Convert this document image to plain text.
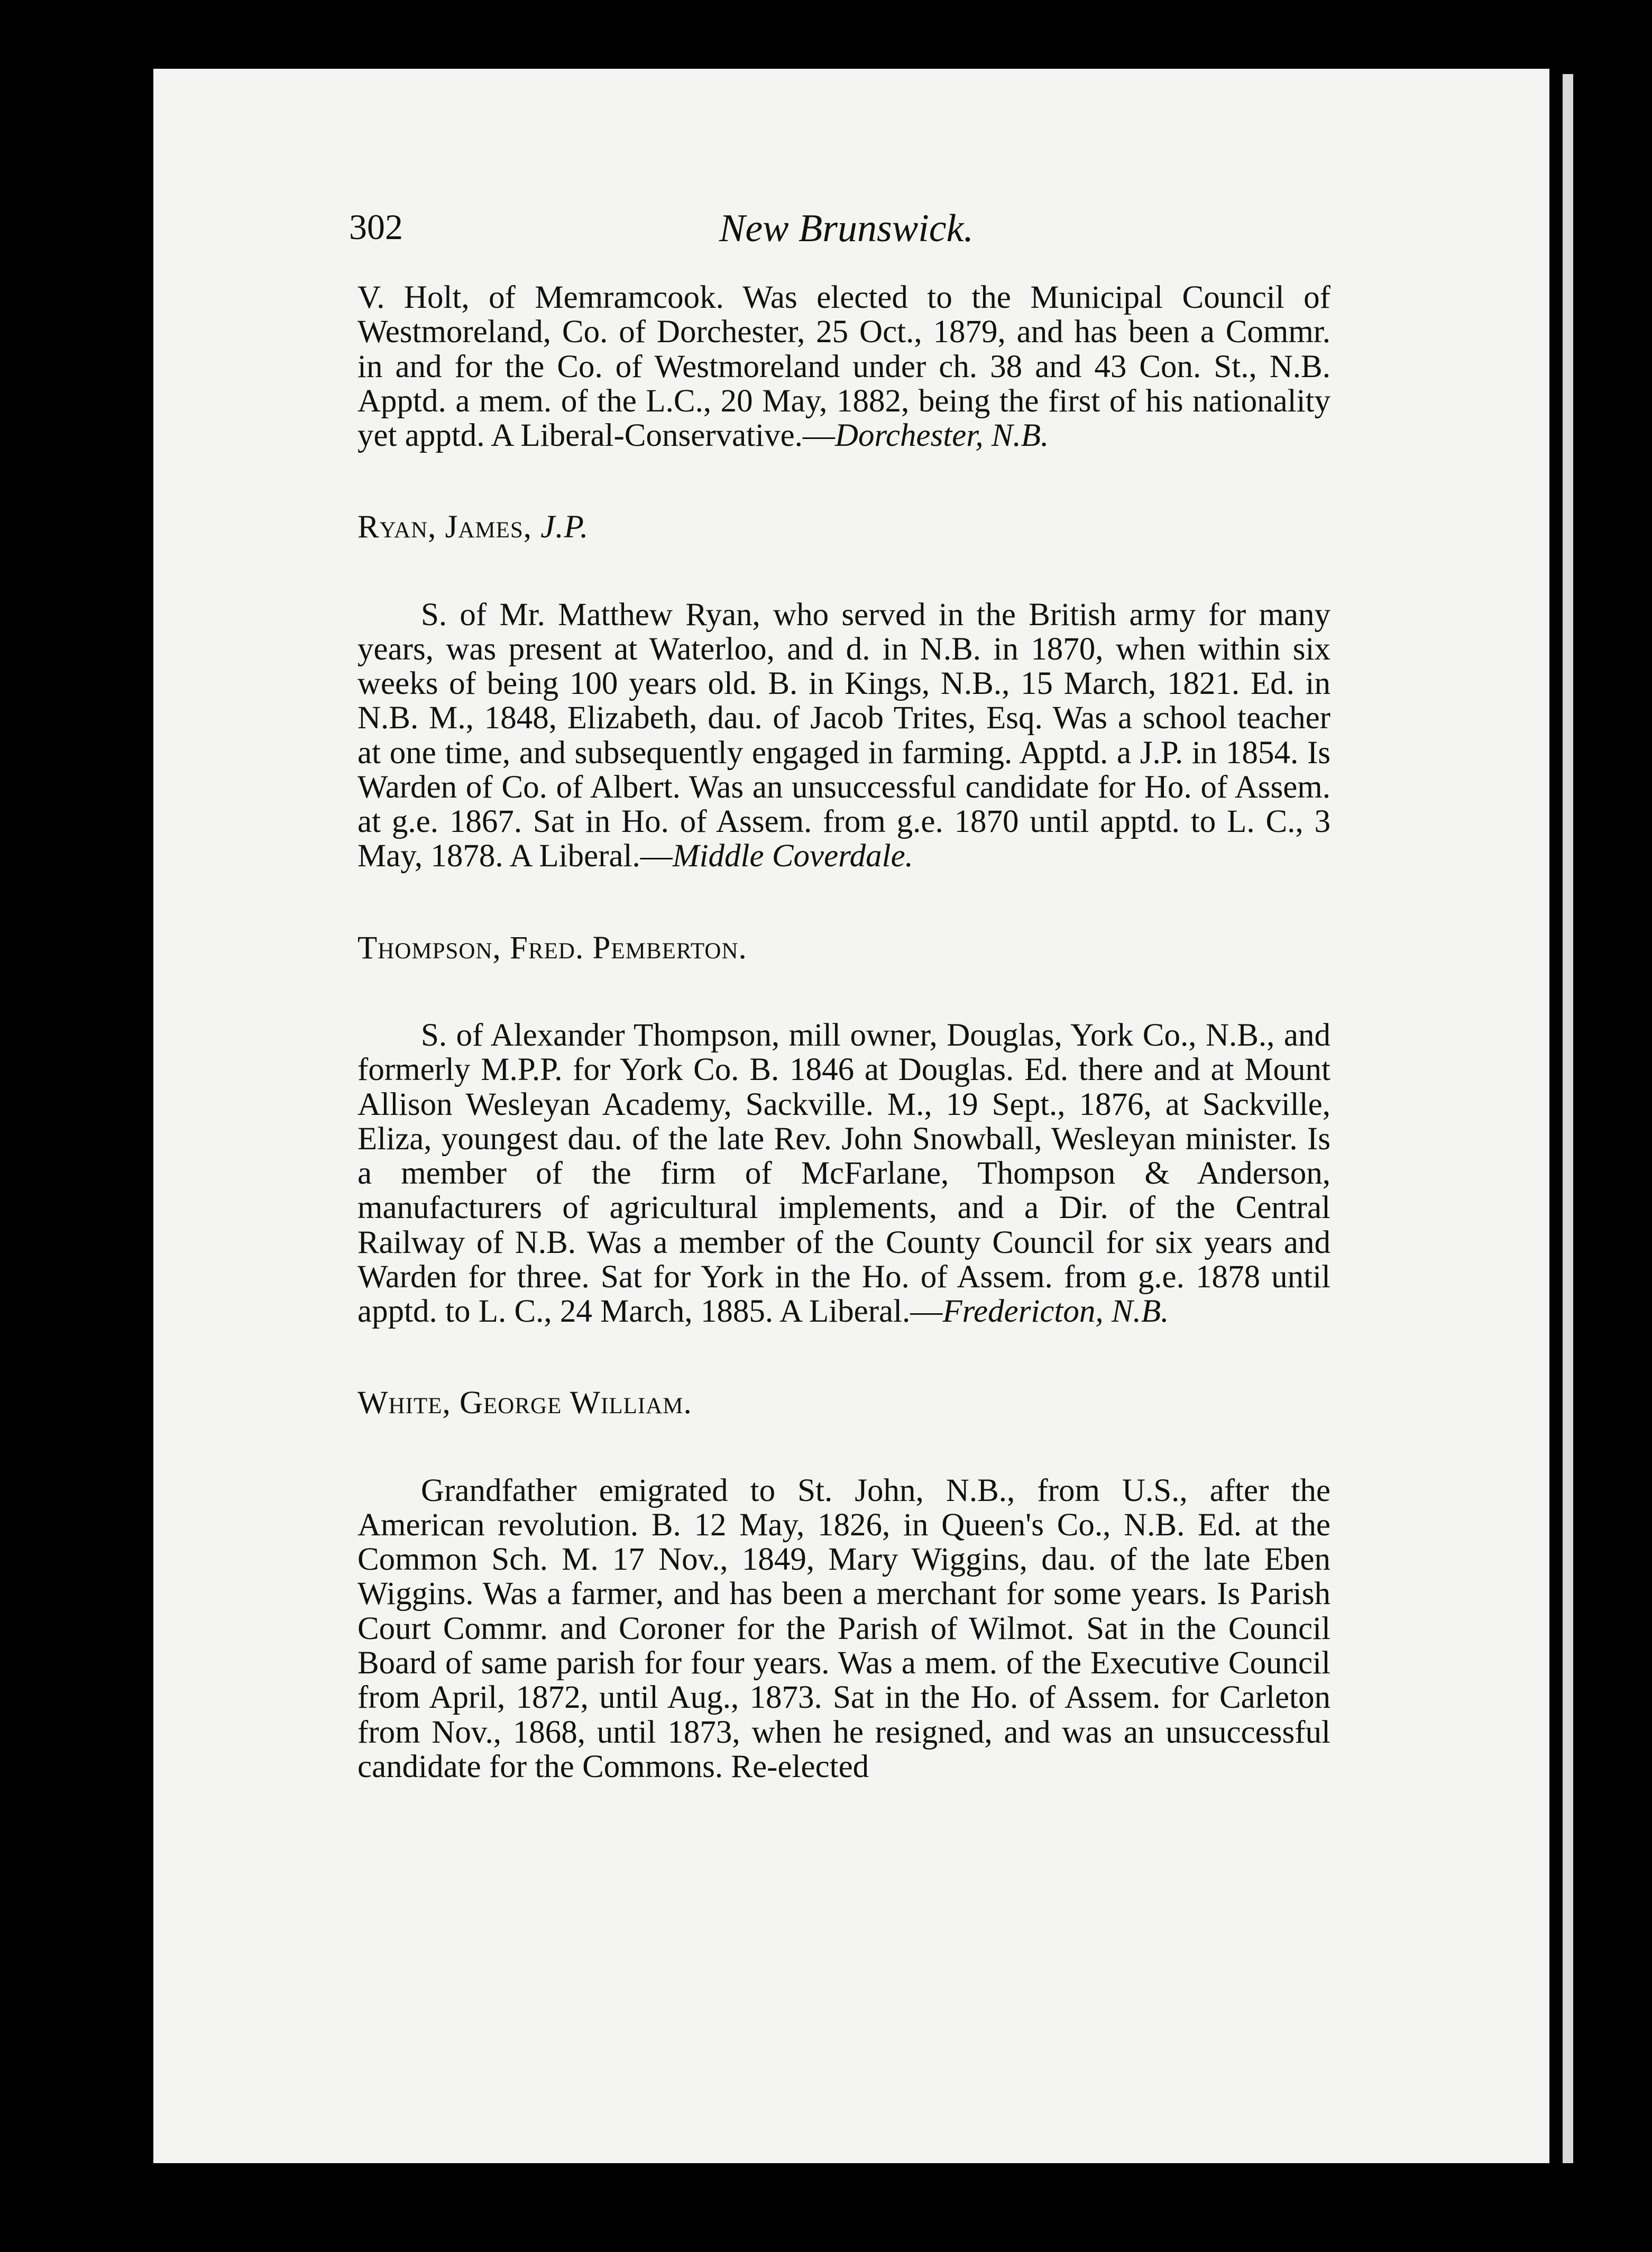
302	New Brunswick.

V. Holt, of Memramcook. Was elected to the Municipal Council of Westmoreland, Co. of Dorchester, 25 Oct., 1879, and has been a Commr. in and for the Co. of Westmoreland under ch. 38 and 43 Con. St., N.B. Apptd. a mem. of the L.C., 20 May, 1882, being the first of his nationality yet apptd. A Liberal-Conservative.—Dorchester, N.B.

Ryan, James, J.P.

S. of Mr. Matthew Ryan, who served in the British army for many years, was present at Waterloo, and d. in N.B. in 1870, when within six weeks of being 100 years old. B. in Kings, N.B., 15 March, 1821. Ed. in N.B. M., 1848, Elizabeth, dau. of Jacob Trites, Esq. Was a school teacher at one time, and subsequently engaged in farming. Apptd. a J.P. in 1854. Is Warden of Co. of Albert. Was an unsuccessful candidate for Ho. of Assem. at g.e. 1867. Sat in Ho. of Assem. from g.e. 1870 until apptd. to L. C., 3 May, 1878. A Liberal.—Middle Coverdale.

Thompson, Fred. Pemberton.

S. of Alexander Thompson, mill owner, Douglas, York Co., N.B., and formerly M.P.P. for York Co. B. 1846 at Douglas. Ed. there and at Mount Allison Wesleyan Academy, Sackville. M., 19 Sept., 1876, at Sackville, Eliza, youngest dau. of the late Rev. John Snowball, Wesleyan minister. Is a member of the firm of McFarlane, Thompson & Anderson, manufacturers of agricultural implements, and a Dir. of the Central Railway of N.B. Was a member of the County Council for six years and Warden for three. Sat for York in the Ho. of Assem. from g.e. 1878 until apptd. to L. C., 24 March, 1885. A Liberal.—Fredericton, N.B.

White, George William.

Grandfather emigrated to St. John, N.B., from U.S., after the American revolution. B. 12 May, 1826, in Queen's Co., N.B. Ed. at the Common Sch. M. 17 Nov., 1849, Mary Wiggins, dau. of the late Eben Wiggins. Was a farmer, and has been a merchant for some years. Is Parish Court Commr. and Coroner for the Parish of Wilmot. Sat in the Council Board of same parish for four years. Was a mem. of the Executive Council from April, 1872, until Aug., 1873. Sat in the Ho. of Assem. for Carleton from Nov., 1868, until 1873, when he resigned, and was an unsuccessful candidate for the Commons. Re-elected
